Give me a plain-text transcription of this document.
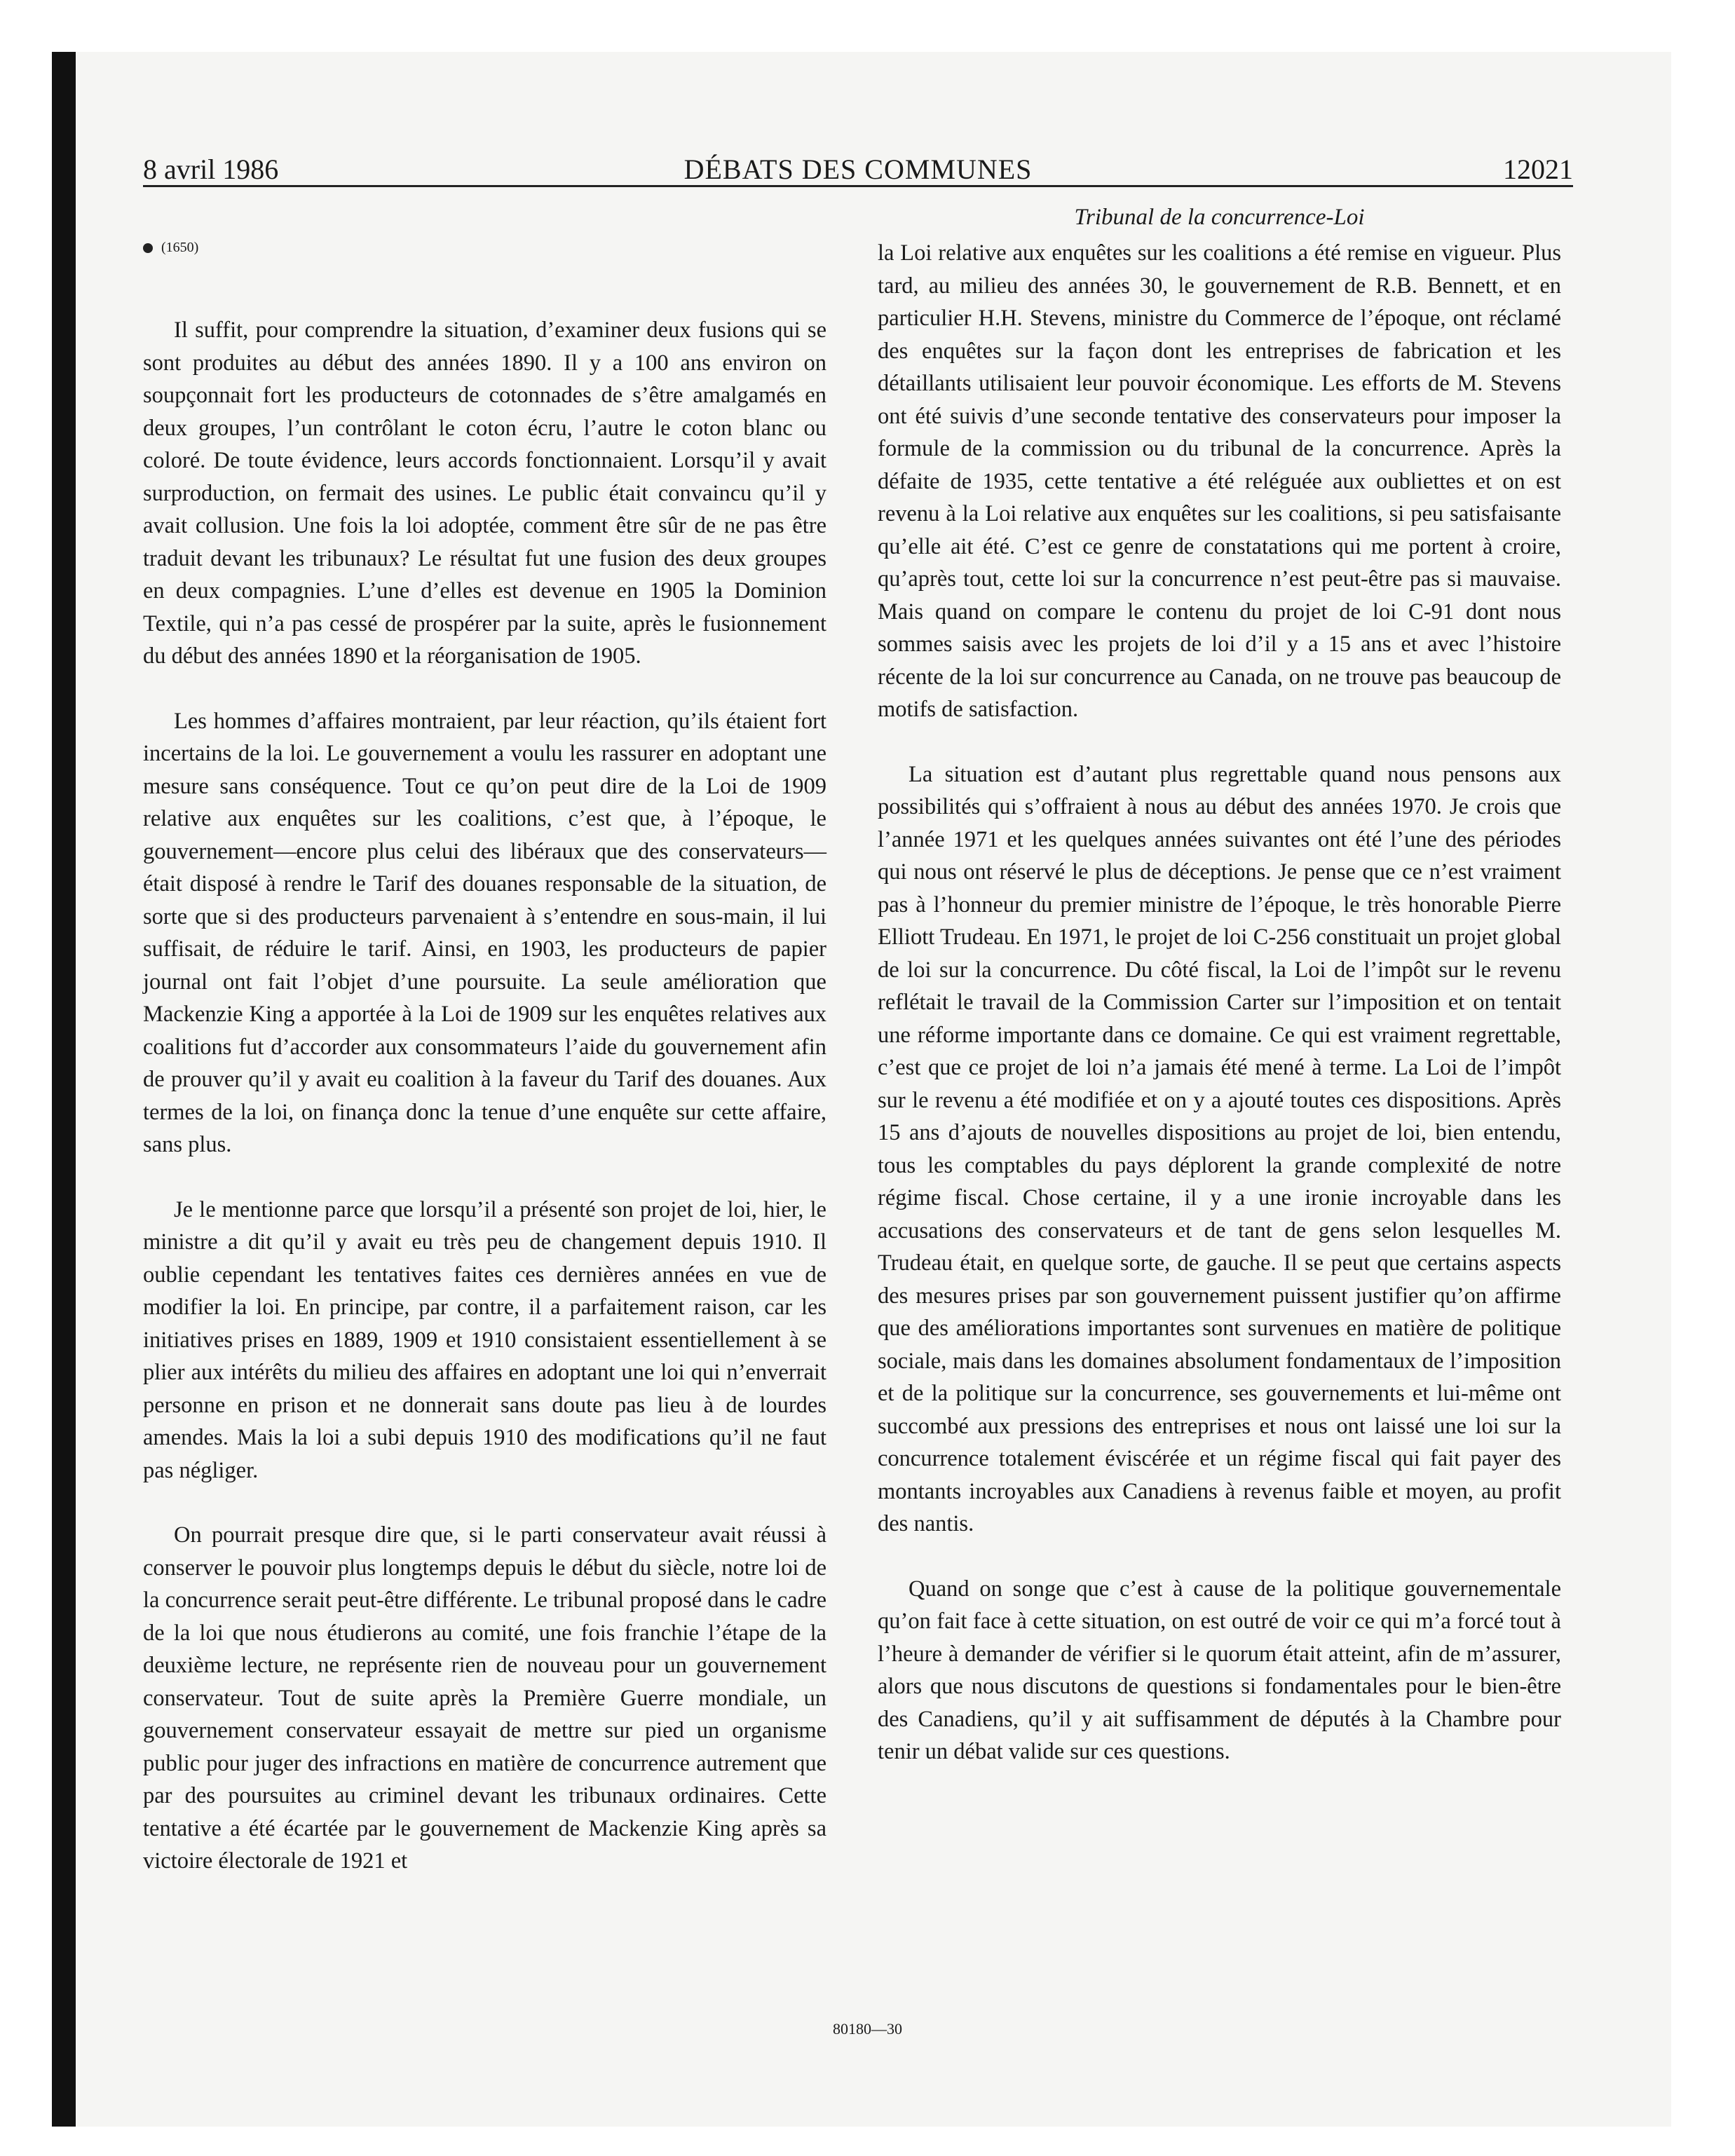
8 avril 1986	DÉBATS DES COMMUNES	12021
(1650)

Il suffit, pour comprendre la situation, d’examiner deux fusions qui se sont produites au début des années 1890. Il y a 100 ans environ on soupçonnait fort les producteurs de cotonnades de s’être amalgamés en deux groupes, l’un contrôlant le coton écru, l’autre le coton blanc ou coloré. De toute évidence, leurs accords fonctionnaient. Lorsqu’il y avait surproduction, on fermait des usines. Le public était convaincu qu’il y avait collusion. Une fois la loi adoptée, comment être sûr de ne pas être traduit devant les tribunaux? Le résultat fut une fusion des deux groupes en deux compagnies. L’une d’elles est devenue en 1905 la Dominion Textile, qui n’a pas cessé de prospérer par la suite, après le fusionnement du début des années 1890 et la réorganisation de 1905.

Les hommes d’affaires montraient, par leur réaction, qu’ils étaient fort incertains de la loi. Le gouvernement a voulu les rassurer en adoptant une mesure sans conséquence. Tout ce qu’on peut dire de la Loi de 1909 relative aux enquêtes sur les coalitions, c’est que, à l’époque, le gouvernement—encore plus celui des libéraux que des conservateurs—était disposé à rendre le Tarif des douanes responsable de la situation, de sorte que si des producteurs parvenaient à s’entendre en sous-main, il lui suffisait, de réduire le tarif. Ainsi, en 1903, les producteurs de papier journal ont fait l’objet d’une poursuite. La seule amélioration que Mackenzie King a apportée à la Loi de 1909 sur les enquêtes relatives aux coalitions fut d’accorder aux consommateurs l’aide du gouvernement afin de prouver qu’il y avait eu coalition à la faveur du Tarif des douanes. Aux termes de la loi, on finança donc la tenue d’une enquête sur cette affaire, sans plus.

Je le mentionne parce que lorsqu’il a présenté son projet de loi, hier, le ministre a dit qu’il y avait eu très peu de changement depuis 1910. Il oublie cependant les tentatives faites ces dernières années en vue de modifier la loi. En principe, par contre, il a parfaitement raison, car les initiatives prises en 1889, 1909 et 1910 consistaient essentiellement à se plier aux intérêts du milieu des affaires en adoptant une loi qui n’enverrait personne en prison et ne donnerait sans doute pas lieu à de lourdes amendes. Mais la loi a subi depuis 1910 des modifications qu’il ne faut pas négliger.

On pourrait presque dire que, si le parti conservateur avait réussi à conserver le pouvoir plus longtemps depuis le début du siècle, notre loi de la concurrence serait peut-être différente. Le tribunal proposé dans le cadre de la loi que nous étudierons au comité, une fois franchie l’étape de la deuxième lecture, ne représente rien de nouveau pour un gouvernement conservateur. Tout de suite après la Première Guerre mondiale, un gouvernement conservateur essayait de mettre sur pied un organisme public pour juger des infractions en matière de concurrence autrement que par des poursuites au criminel devant les tribunaux ordinaires. Cette tentative a été écartée par le gouvernement de Mackenzie King après sa victoire électorale de 1921 et

Tribunal de la concurrence-Loi

la Loi relative aux enquêtes sur les coalitions a été remise en vigueur. Plus tard, au milieu des années 30, le gouvernement de R.B. Bennett, et en particulier H.H. Stevens, ministre du Commerce de l’époque, ont réclamé des enquêtes sur la façon dont les entreprises de fabrication et les détaillants utilisaient leur pouvoir économique. Les efforts de M. Stevens ont été suivis d’une seconde tentative des conservateurs pour imposer la formule de la commission ou du tribunal de la concurrence. Après la défaite de 1935, cette tentative a été reléguée aux oubliettes et on est revenu à la Loi relative aux enquêtes sur les coalitions, si peu satisfaisante qu’elle ait été. C’est ce genre de constatations qui me portent à croire, qu’après tout, cette loi sur la concurrence n’est peut-être pas si mauvaise. Mais quand on compare le contenu du projet de loi C-91 dont nous sommes saisis avec les projets de loi d’il y a 15 ans et avec l’histoire récente de la loi sur concurrence au Canada, on ne trouve pas beaucoup de motifs de satisfaction.

La situation est d’autant plus regrettable quand nous pensons aux possibilités qui s’offraient à nous au début des années 1970. Je crois que l’année 1971 et les quelques années suivantes ont été l’une des périodes qui nous ont réservé le plus de déceptions. Je pense que ce n’est vraiment pas à l’honneur du premier ministre de l’époque, le très honorable Pierre Elliott Trudeau. En 1971, le projet de loi C-256 constituait un projet global de loi sur la concurrence. Du côté fiscal, la Loi de l’impôt sur le revenu reflétait le travail de la Commission Carter sur l’imposition et on tentait une réforme importante dans ce domaine. Ce qui est vraiment regrettable, c’est que ce projet de loi n’a jamais été mené à terme. La Loi de l’impôt sur le revenu a été modifiée et on y a ajouté toutes ces dispositions. Après 15 ans d’ajouts de nouvelles dispositions au projet de loi, bien entendu, tous les comptables du pays déplorent la grande complexité de notre régime fiscal. Chose certaine, il y a une ironie incroyable dans les accusations des conservateurs et de tant de gens selon lesquelles M. Trudeau était, en quelque sorte, de gauche. Il se peut que certains aspects des mesures prises par son gouvernement puissent justifier qu’on affirme que des améliorations importantes sont survenues en matière de politique sociale, mais dans les domaines absolument fondamentaux de l’imposition et de la politique sur la concurrence, ses gouvernements et lui-même ont succombé aux pressions des entreprises et nous ont laissé une loi sur la concurrence totalement éviscérée et un régime fiscal qui fait payer des montants incroyables aux Canadiens à revenus faible et moyen, au profit des nantis.

Quand on songe que c’est à cause de la politique gouvernementale qu’on fait face à cette situation, on est outré de voir ce qui m’a forcé tout à l’heure à demander de vérifier si le quorum était atteint, afin de m’assurer, alors que nous discutons de questions si fondamentales pour le bien-être des Canadiens, qu’il y ait suffisamment de députés à la Chambre pour tenir un débat valide sur ces questions.

80180—30
